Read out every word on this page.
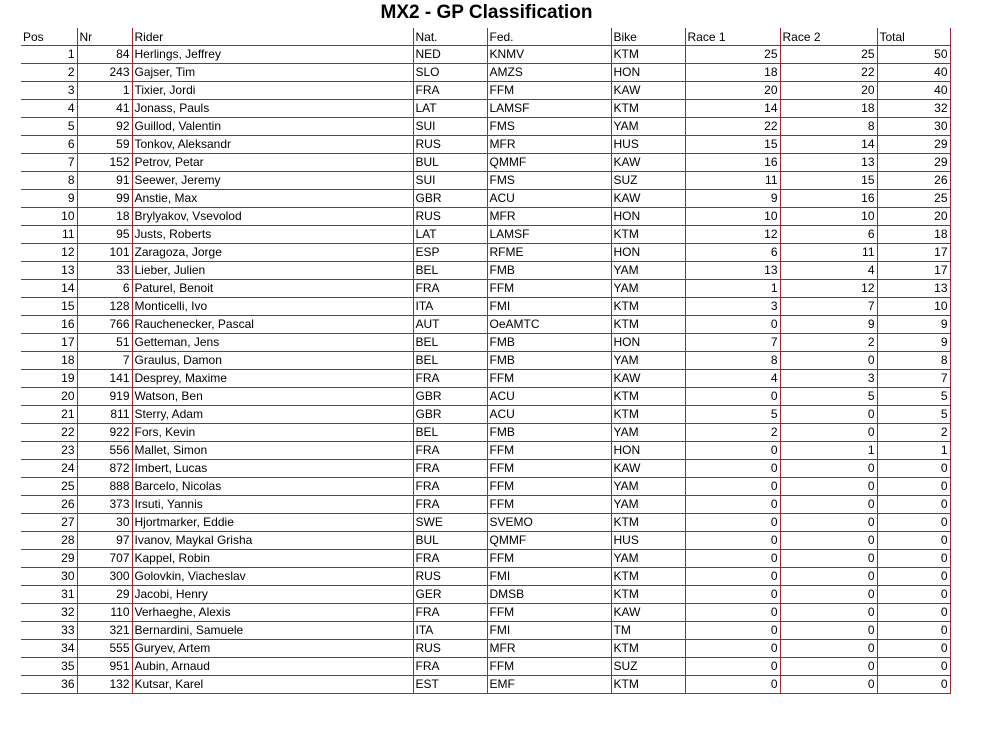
MX2 - GP Classification
Pos	Nr	Rider	Nat.	Fed.	Bike	Race 1	Race 2	Total
1	84	Herlings, Jeffrey	NED	KNMV	KTM	25	25	50
2	243	Gajser, Tim	SLO	AMZS	HON	18	22	40
3	1	Tixier, Jordi	FRA	FFM	KAW	20	20	40
4	41	Jonass, Pauls	LAT	LAMSF	KTM	14	18	32
5	92	Guillod, Valentin	SUI	FMS	YAM	22	8	30
6	59	Tonkov, Aleksandr	RUS	MFR	HUS	15	14	29
7	152	Petrov, Petar	BUL	QMMF	KAW	16	13	29
8	91	Seewer, Jeremy	SUI	FMS	SUZ	11	15	26
9	99	Anstie, Max	GBR	ACU	KAW	9	16	25
10	18	Brylyakov, Vsevolod	RUS	MFR	HON	10	10	20
11	95	Justs, Roberts	LAT	LAMSF	KTM	12	6	18
12	101	Zaragoza, Jorge	ESP	RFME	HON	6	11	17
13	33	Lieber, Julien	BEL	FMB	YAM	13	4	17
14	6	Paturel, Benoit	FRA	FFM	YAM	1	12	13
15	128	Monticelli, Ivo	ITA	FMI	KTM	3	7	10
16	766	Rauchenecker, Pascal	AUT	OeAMTC	KTM	0	9	9
17	51	Getteman, Jens	BEL	FMB	HON	7	2	9
18	7	Graulus, Damon	BEL	FMB	YAM	8	0	8
19	141	Desprey, Maxime	FRA	FFM	KAW	4	3	7
20	919	Watson, Ben	GBR	ACU	KTM	0	5	5
21	811	Sterry, Adam	GBR	ACU	KTM	5	0	5
22	922	Fors, Kevin	BEL	FMB	YAM	2	0	2
23	556	Mallet, Simon	FRA	FFM	HON	0	1	1
24	872	Imbert, Lucas	FRA	FFM	KAW	0	0	0
25	888	Barcelo, Nicolas	FRA	FFM	YAM	0	0	0
26	373	Irsuti, Yannis	FRA	FFM	YAM	0	0	0
27	30	Hjortmarker, Eddie	SWE	SVEMO	KTM	0	0	0
28	97	Ivanov, Maykal Grisha	BUL	QMMF	HUS	0	0	0
29	707	Kappel, Robin	FRA	FFM	YAM	0	0	0
30	300	Golovkin, Viacheslav	RUS	FMI	KTM	0	0	0
31	29	Jacobi, Henry	GER	DMSB	KTM	0	0	0
32	110	Verhaeghe, Alexis	FRA	FFM	KAW	0	0	0
33	321	Bernardini, Samuele	ITA	FMI	TM	0	0	0
34	555	Guryev, Artem	RUS	MFR	KTM	0	0	0
35	951	Aubin, Arnaud	FRA	FFM	SUZ	0	0	0
36	132	Kutsar, Karel	EST	EMF	KTM	0	0	0
